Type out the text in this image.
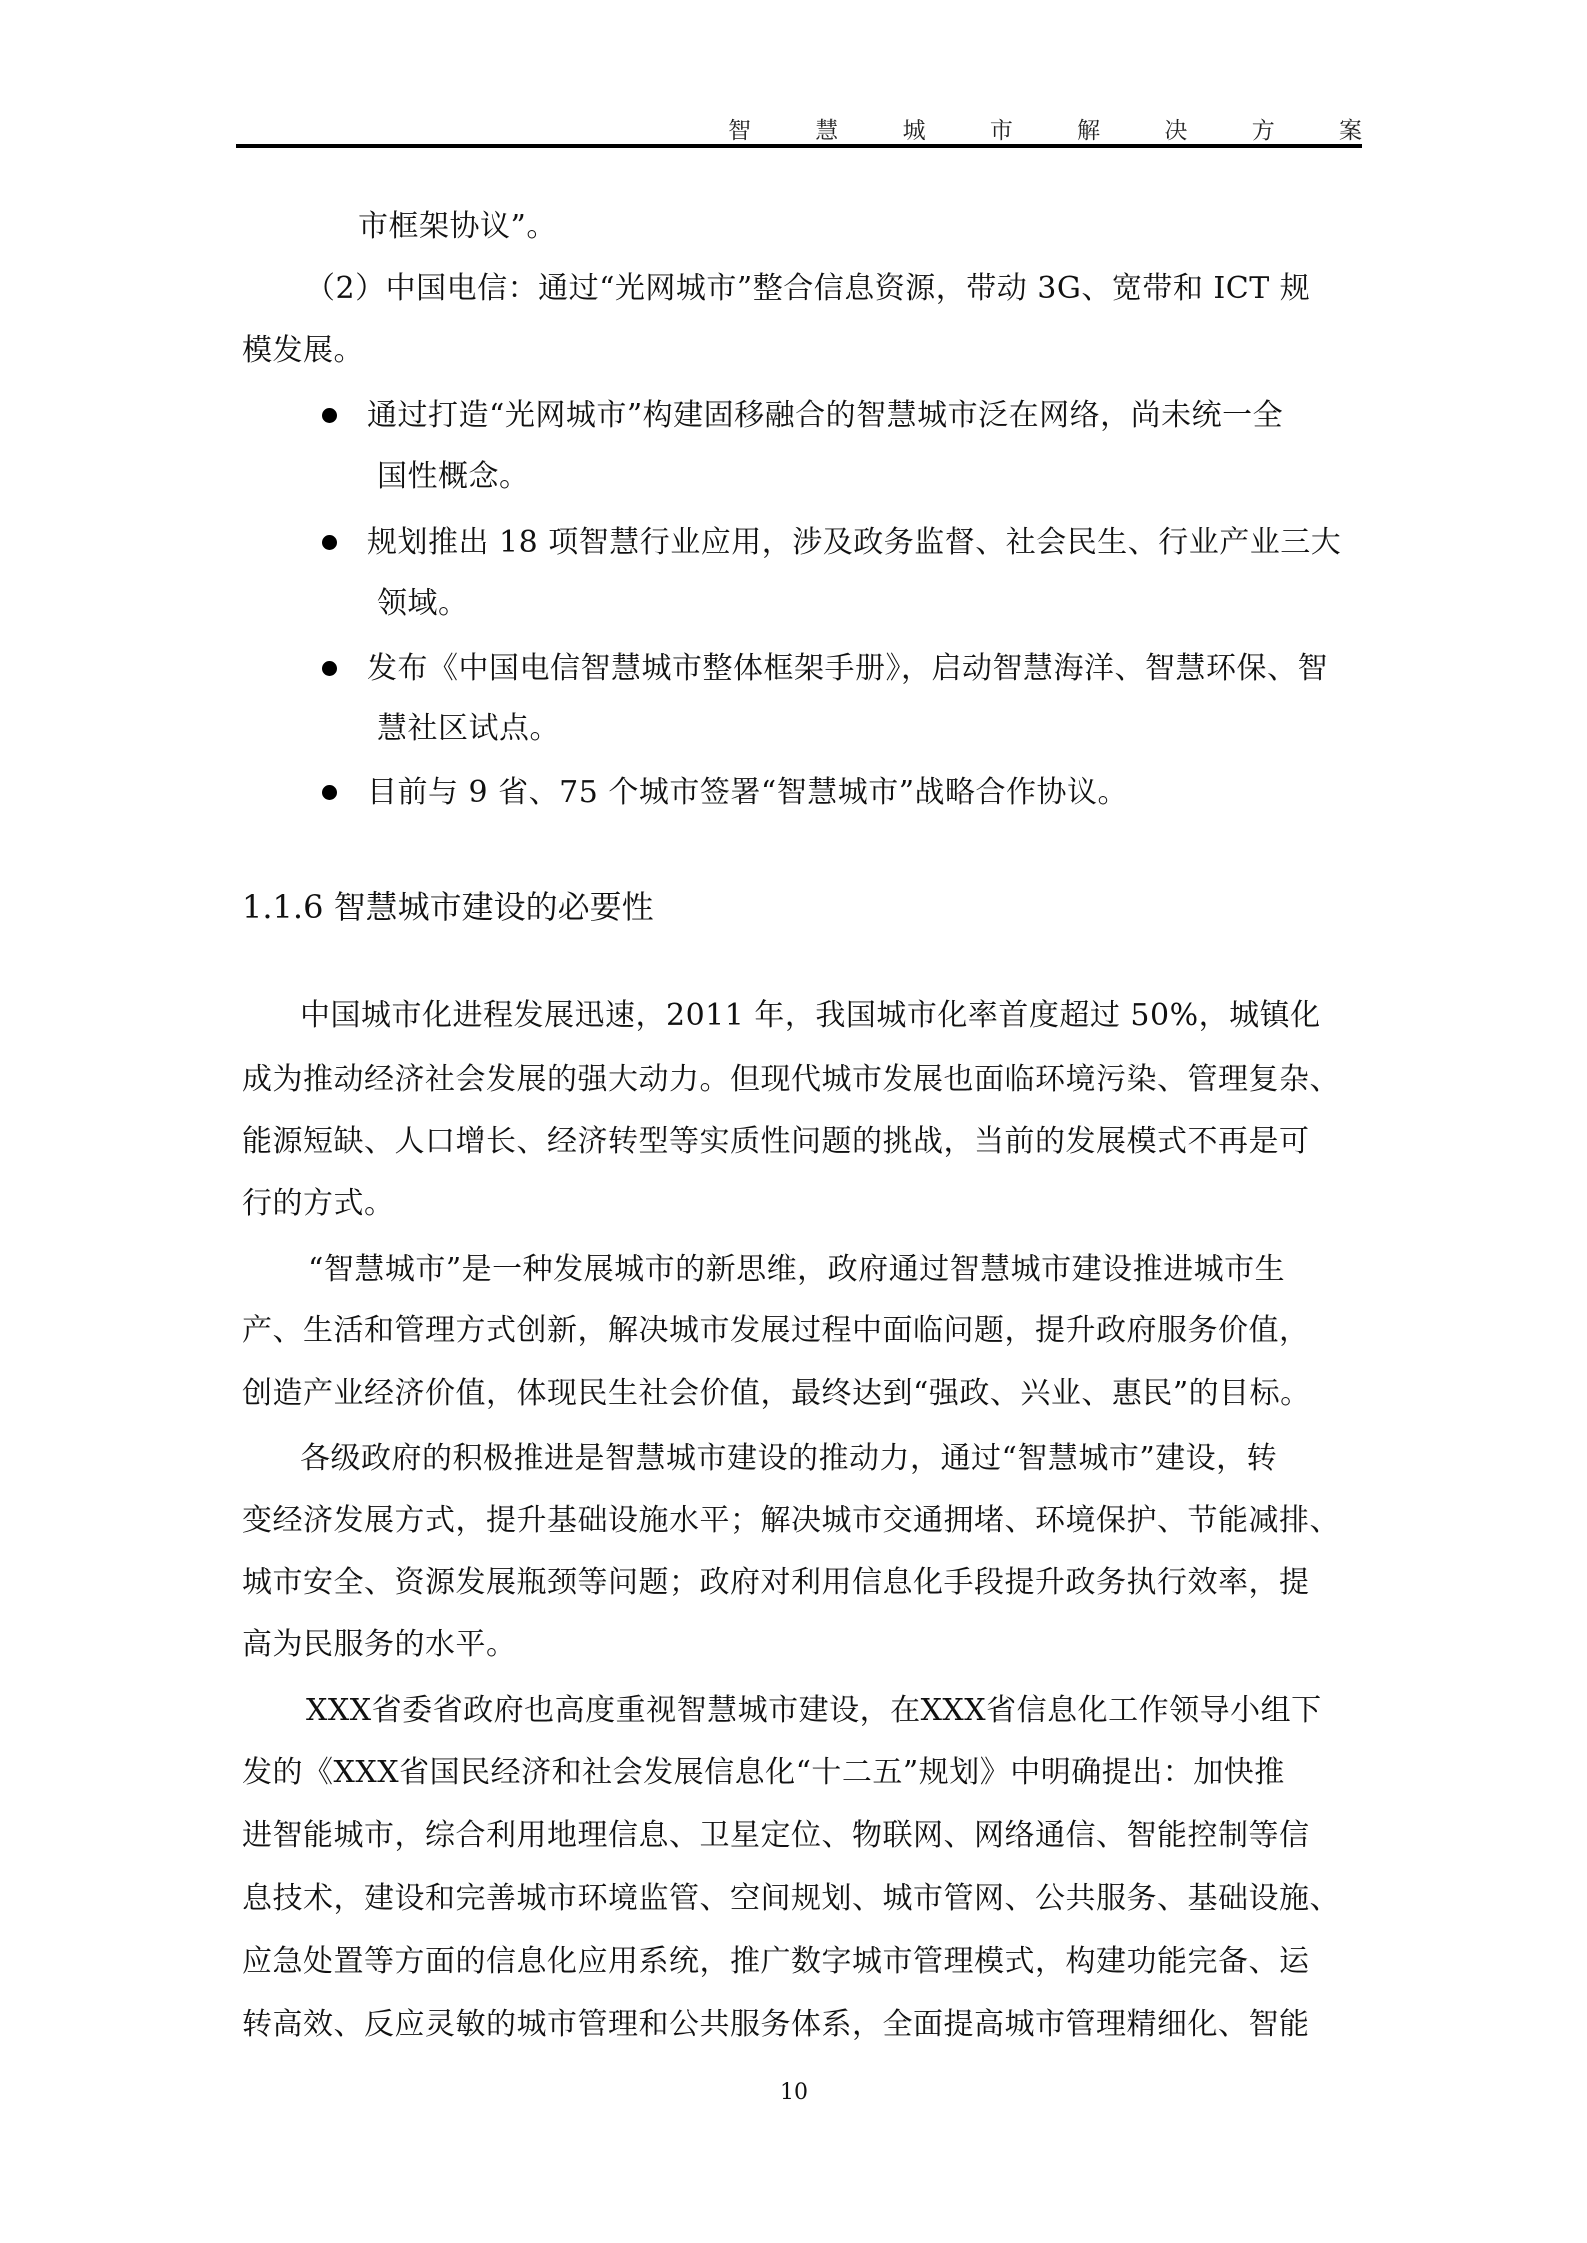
智	慧	城	市	解	决	方	案
市框架协议”。
（2）中国电信：通过“光网城市”整合信息资源，带动 3G、宽带和 ICT 规
模发展。
通过打造“光网城市”构建固移融合的智慧城市泛在网络，尚未统一全
国性概念。
规划推出 18 项智慧行业应用，涉及政务监督、社会民生、行业产业三大
领域。
发布《中国电信智慧城市整体框架手册》，启动智慧海洋、智慧环保、智
慧社区试点。
目前与 9 省、75 个城市签署“智慧城市”战略合作协议。
1.1.6 智慧城市建设的必要性
中国城市化进程发展迅速，2011 年，我国城市化率首度超过 50%，城镇化
成为推动经济社会发展的强大动力。但现代城市发展也面临环境污染、管理复杂、
能源短缺、人口增长、经济转型等实质性问题的挑战，当前的发展模式不再是可
行的方式。
“智慧城市”是一种发展城市的新思维，政府通过智慧城市建设推进城市生
产、生活和管理方式创新，解决城市发展过程中面临问题，提升政府服务价值，
创造产业经济价值，体现民生社会价值，最终达到“强政、兴业、惠民”的目标。
各级政府的积极推进是智慧城市建设的推动力，通过“智慧城市”建设，转
变经济发展方式，提升基础设施水平；解决城市交通拥堵、环境保护、节能减排、
城市安全、资源发展瓶颈等问题；政府对利用信息化手段提升政务执行效率，提
高为民服务的水平。
XXX省委省政府也高度重视智慧城市建设，在XXX省信息化工作领导小组下
发的《XXX省国民经济和社会发展信息化“十二五”规划》中明确提出：加快推
进智能城市，综合利用地理信息、卫星定位、物联网、网络通信、智能控制等信
息技术，建设和完善城市环境监管、空间规划、城市管网、公共服务、基础设施、
应急处置等方面的信息化应用系统，推广数字城市管理模式，构建功能完备、运
转高效、反应灵敏的城市管理和公共服务体系，全面提高城市管理精细化、智能
10
